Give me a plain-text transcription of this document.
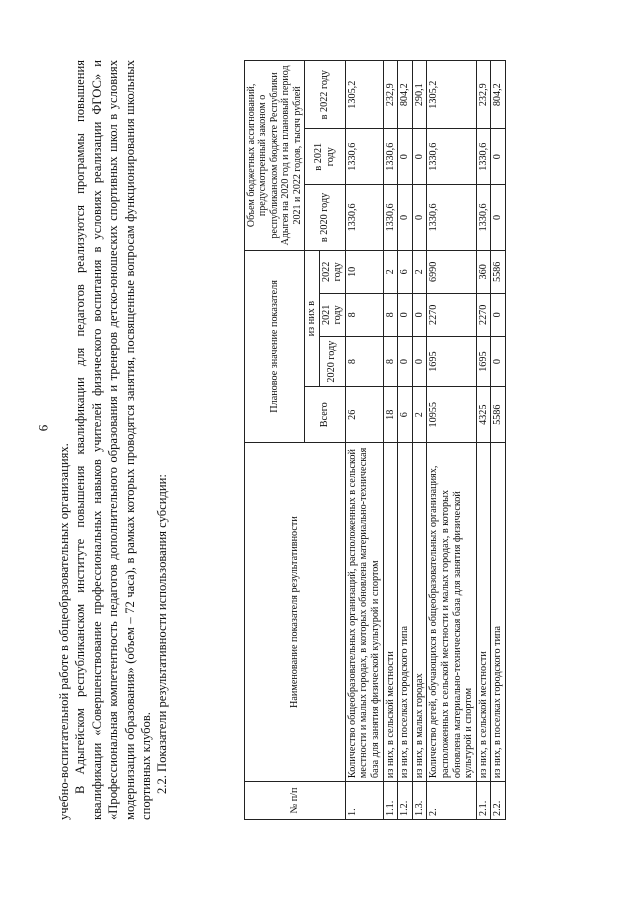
9

учебно-воспитательной работе в общеобразовательных организациях. В Адыгейском республиканском институте повышения квалификации для педагогов реализуются программы повышения квалификации «Совершенствование профессиональных навыков учителей физического воспитания в условиях реализации ФГОС» и «Профессиональная компетентность педагогов дополнительного образования и тренеров детско-юношеских спортивных школ в условиях модернизации образования» (объем – 72 часа), в рамках которых проводятся занятия, посвященные вопросам функционирования школьных спортивных клубов. 2.2. Показатели результативности использования субсидии:

№ п/п	Наименование показателя результативности	Плановое значение показателя				Объем бюджетных ассигнований, предусмотренный законом о республиканском бюджете Республики Адыгея на 2020 год и на плановый период 2021 и 2022 годов, тысяч рублей		
		Всего	из них в			в 2020 году	в 2021 году	в 2022 году
			2020 году	2021 году	2022 году			
1.	Количество общеобразовательных организаций, расположенных в сельской местности и малых городах, в которых обновлена материально-техническая база для занятия физической культурой и спортом	26	8	8	10	1330,6	1330,6	1305,2
1.1.	из них, в сельской местности	18	8	8	2	1330,6	1330,6	232,9
1.2.	из них, в поселках городского типа	6	0	0	6	0	0	804,2
1.3.	из них, в малых городах	2	0	0	2	0	0	290,1
2.	Количество детей, обучающихся в общеобразовательных организациях, расположенных в сельской местности и малых городах, в которых обновлена материально-техническая база для занятия физической культурой и спортом	10955	1695	2270	6990	1330,6	1330,6	1305,2
2.1.	из них, в сельской местности	4325	1695	2270	360	1330,6	1330,6	232,9
2.2.	из них, в поселках городского типа	5586	0	0	5586	0	0	804,2
